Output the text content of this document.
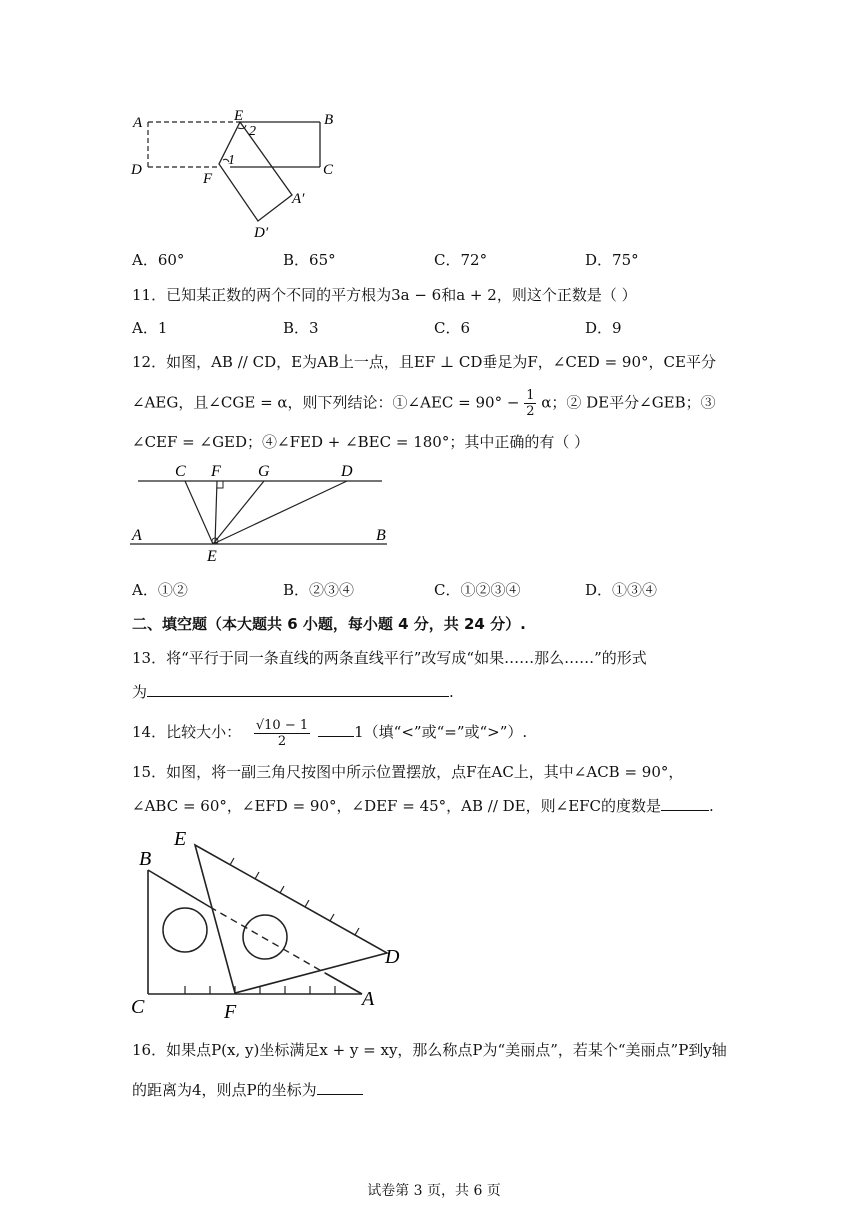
A	E
2
B
D
1
F
C
A′
D′
A．60°	B．65°	C．72°	D．75°
11．已知某正数的两个不同的平方根为3a − 6和a + 2，则这个正数是（ ）
A．1	B．3	C．6	D．9
12．如图，AB // CD，E为AB上一点，且EF ⊥ CD垂足为F，∠CED = 90°，CE平分
∠AEG，且∠CGE = α，则下列结论：①∠AEC = $90^\circ - \frac{1}{2}$ α；② DE平分∠GEB；③
∠CEF = ∠GED；④∠FED + ∠BEC = 180°；其中正确的有（ ）
C F G	D
A	B
E
A．①②	B．②③④	C．①②③④	D．①③④
二、填空题（本大题共 6 小题，每小题 4 分，共 24 分）.
13．将“平行于同一条直线的两条直线平行”改写成“如果……那么……”的形式
为	.
14．比较大小： $\frac{√10 - 1}{2}$	1（填“<”或“=”或“>”）.
15．如图，将一副三角尺按图中所示位置摆放，点F在AC上，其中∠ACB = 90°，
∠ABC = 60°，∠EFD = 90°，∠DEF = 45°，AB // DE，则∠EFC的度数是	.
B
E
D
C	F
A
16．如果点P(x, y)坐标满足x + y = xy，那么称点P为“美丽点”，若某个“美丽点”P到y轴
的距离为4，则点P的坐标为
试卷第 3 页，共 6 页
